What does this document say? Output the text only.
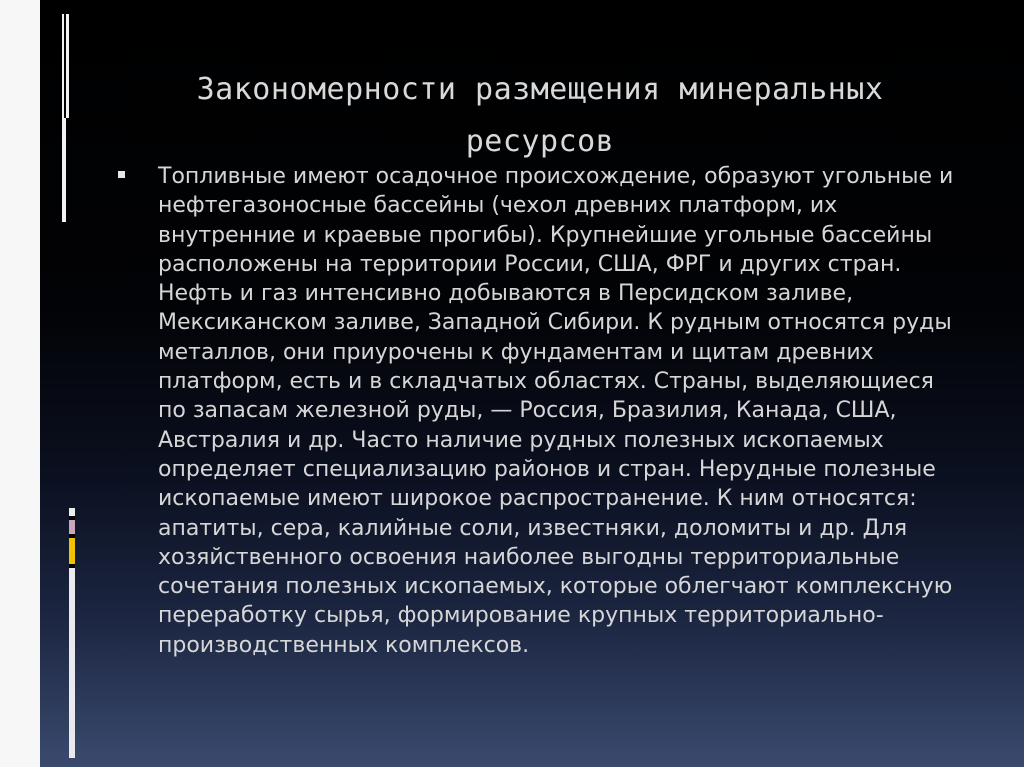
Закономерности размещения минеральных ресурсов

Топливные имеют осадочное происхождение, образуют угольные и нефтегазоносные бассейны (чехол древних платформ, их внутренние и краевые прогибы). Крупнейшие угольные бассейны расположены на территории России, США, ФРГ и других стран. Нефть и газ интенсивно добываются в Персидском заливе, Мексиканском заливе, Западной Сибири. К рудным относятся руды металлов, они приурочены к фундаментам и щитам древних платформ, есть и в складчатых областях. Страны, выделяющиеся по запасам железной руды, — Россия, Бразилия, Канада, США, Австралия и др. Часто наличие рудных полезных ископаемых определяет специализацию районов и стран. Нерудные полезные ископаемые имеют широкое распространение. К ним относятся: апатиты, сера, калийные соли, известняки, доломиты и др. Для хозяйственного освоения наиболее выгодны территориальные сочетания полезных ископаемых, которые облегчают комплексную переработку сырья, формирование крупных территориально-производственных комплексов.
